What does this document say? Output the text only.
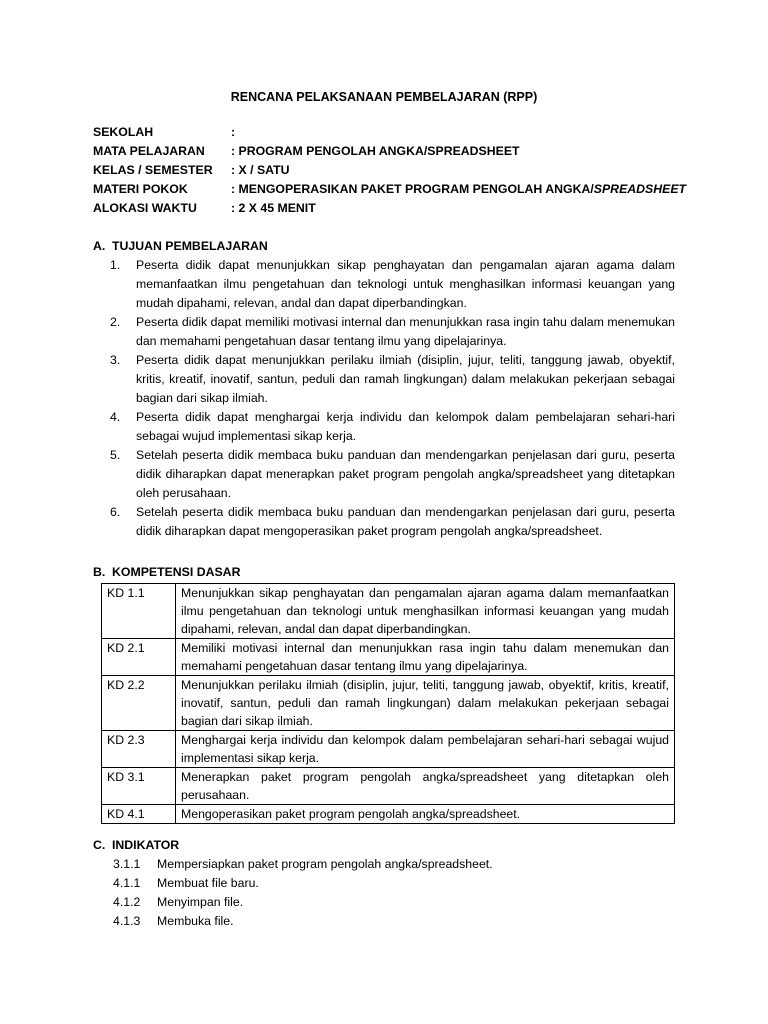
RENCANA PELAKSANAAN PEMBELAJARAN (RPP)
SEKOLAH	:
MATA PELAJARAN	: PROGRAM PENGOLAH ANGKA/SPREADSHEET
KELAS / SEMESTER	: X / SATU
MATERI POKOK	: MENGOPERASIKAN PAKET PROGRAM PENGOLAH ANGKA/SPREADSHEET
ALOKASI WAKTU	: 2 X 45 MENIT
A. TUJUAN PEMBELAJARAN
1.	Peserta didik dapat menunjukkan sikap penghayatan dan pengamalan ajaran agama dalam memanfaatkan ilmu pengetahuan dan teknologi untuk menghasilkan informasi keuangan yang mudah dipahami, relevan, andal dan dapat diperbandingkan.
2.	Peserta didik dapat memiliki motivasi internal dan menunjukkan rasa ingin tahu dalam menemukan dan memahami pengetahuan dasar tentang ilmu yang dipelajarinya.
3.	Peserta didik dapat menunjukkan perilaku ilmiah (disiplin, jujur, teliti, tanggung jawab, obyektif, kritis, kreatif, inovatif, santun, peduli dan ramah lingkungan) dalam melakukan pekerjaan sebagai bagian dari sikap ilmiah.
4.	Peserta didik dapat menghargai kerja individu dan kelompok dalam pembelajaran sehari-hari sebagai wujud implementasi sikap kerja.
5.	Setelah peserta didik membaca buku panduan dan mendengarkan penjelasan dari guru, peserta didik diharapkan dapat menerapkan paket program pengolah angka/spreadsheet yang ditetapkan oleh perusahaan.
6.	Setelah peserta didik membaca buku panduan dan mendengarkan penjelasan dari guru, peserta didik diharapkan dapat mengoperasikan paket program pengolah angka/spreadsheet.
B. KOMPETENSI DASAR
KD 1.1	Menunjukkan sikap penghayatan dan pengamalan ajaran agama dalam memanfaatkan ilmu pengetahuan dan teknologi untuk menghasilkan informasi keuangan yang mudah dipahami, relevan, andal dan dapat diperbandingkan.
KD 2.1	Memiliki motivasi internal dan menunjukkan rasa ingin tahu dalam menemukan dan memahami pengetahuan dasar tentang ilmu yang dipelajarinya.
KD 2.2	Menunjukkan perilaku ilmiah (disiplin, jujur, teliti, tanggung jawab, obyektif, kritis, kreatif, inovatif, santun, peduli dan ramah lingkungan) dalam melakukan pekerjaan sebagai bagian dari sikap ilmiah.
KD 2.3	Menghargai kerja individu dan kelompok dalam pembelajaran sehari-hari sebagai wujud implementasi sikap kerja.
KD 3.1	Menerapkan paket program pengolah angka/spreadsheet yang ditetapkan oleh perusahaan.
KD 4.1	Mengoperasikan paket program pengolah angka/spreadsheet.
C. INDIKATOR
3.1.1	Mempersiapkan paket program pengolah angka/spreadsheet.
4.1.1	Membuat file baru.
4.1.2	Menyimpan file.
4.1.3	Membuka file.
